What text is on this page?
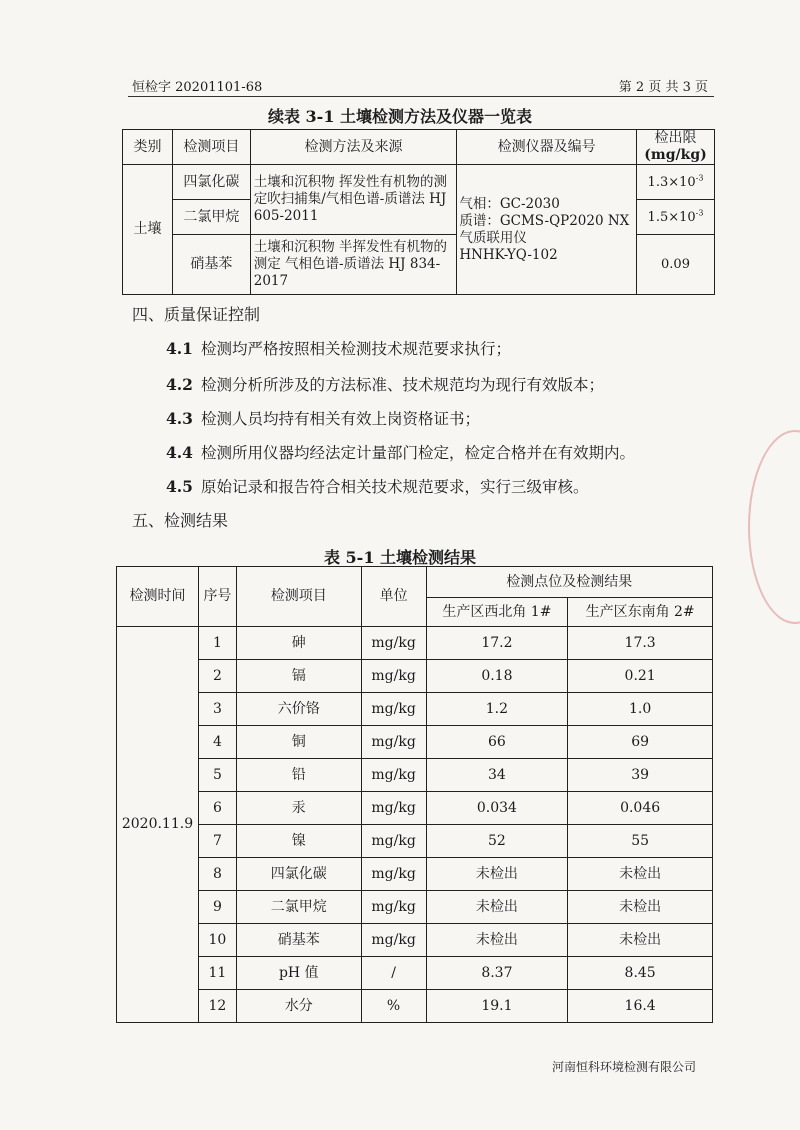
恒检字 20201101-68	第 2 页 共 3 页
续表 3-1 土壤检测方法及仪器一览表
类别	检测项目	检测方法及来源	检测仪器及编号	检出限
(mg/kg)

土壤	四氯化碳	土壤和沉积物 挥发性有机物的测定吹扫捕集/气相色谱-质谱法 HJ 605-2011	气相：GC-2030
质谱：GCMS-QP2020 NX
气质联用仪
HNHK-YQ-102	$1.3\times 10^{-3}$
	二氯甲烷			$1.5\times 10^{-3}$
	硝基苯	土壤和沉积物 半挥发性有机物的测定 气相色谱-质谱法 HJ 834-2017		0.09
四、质量保证控制
4.1 检测均严格按照相关检测技术规范要求执行；
4.2 检测分析所涉及的方法标准、技术规范均为现行有效版本；
4.3 检测人员均持有相关有效上岗资格证书；
4.4 检测所用仪器均经法定计量部门检定，检定合格并在有效期内。
4.5 原始记录和报告符合相关技术规范要求，实行三级审核。
五、检测结果
表 5-1 土壤检测结果
检测时间	序号	检测项目	单位	检测点位及检测结果	
				生产区西北角 1#	生产区东南角 2#
2020.11.9	1	砷	mg/kg	17.2	17.3
	2	镉	mg/kg	0.18	0.21
	3	六价铬	mg/kg	1.2	1.0
	4	铜	mg/kg	66	69
	5	铅	mg/kg	34	39
	6	汞	mg/kg	0.034	0.046
	7	镍	mg/kg	52	55
	8	四氯化碳	mg/kg	未检出	未检出
	9	二氯甲烷	mg/kg	未检出	未检出
	10	硝基苯	mg/kg	未检出	未检出
	11	pH 值	/	8.37	8.45
	12	水分	%	19.1	16.4
河南恒科环境检测有限公司
